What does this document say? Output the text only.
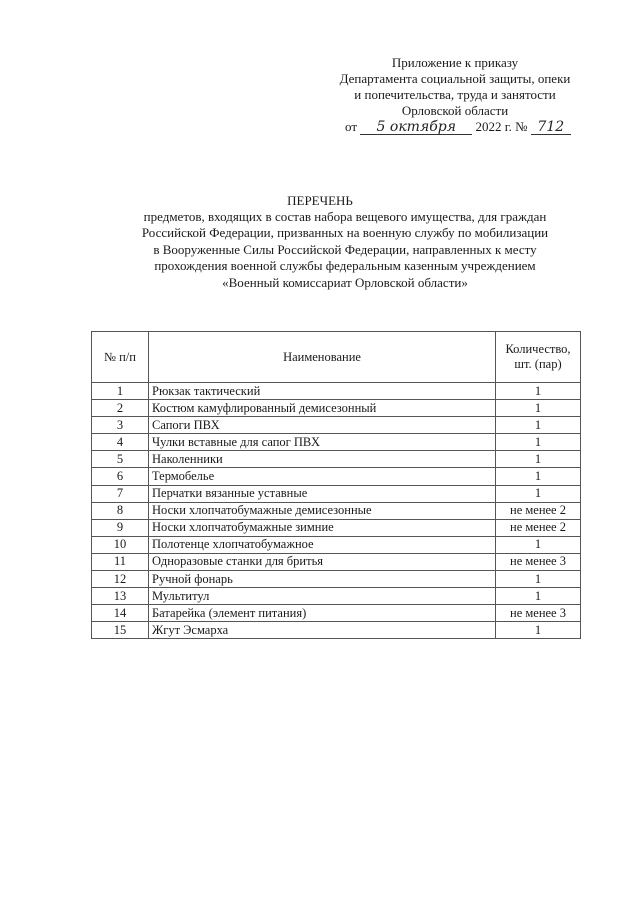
Приложение к приказу
Департамента социальной защиты, опеки
и попечительства, труда и занятости
Орловской области
от 5 октября 2022 г. № 712
ПЕРЕЧЕНЬ
предметов, входящих в состав набора вещевого имущества, для граждан
Российской Федерации, призванных на военную службу по мобилизации
в Вооруженные Силы Российской Федерации, направленных к месту
прохождения военной службы федеральным казенным учреждением
«Военный комиссариат Орловской области»
№ п/п	Наименование	Количество,
шт. (пар)

1	Рюкзак тактический	1
2	Костюм камуфлированный демисезонный	1
3	Сапоги ПВХ	1
4	Чулки вставные для сапог ПВХ	1
5	Наколенники	1
6	Термобелье	1
7	Перчатки вязанные уставные	1
8	Носки хлопчатобумажные демисезонные	не менее 2
9	Носки хлопчатобумажные зимние	не менее 2
10	Полотенце хлопчатобумажное	1
11	Одноразовые станки для бритья	не менее 3
12	Ручной фонарь	1
13	Мультитул	1
14	Батарейка (элемент питания)	не менее 3
15	Жгут Эсмарха	1
